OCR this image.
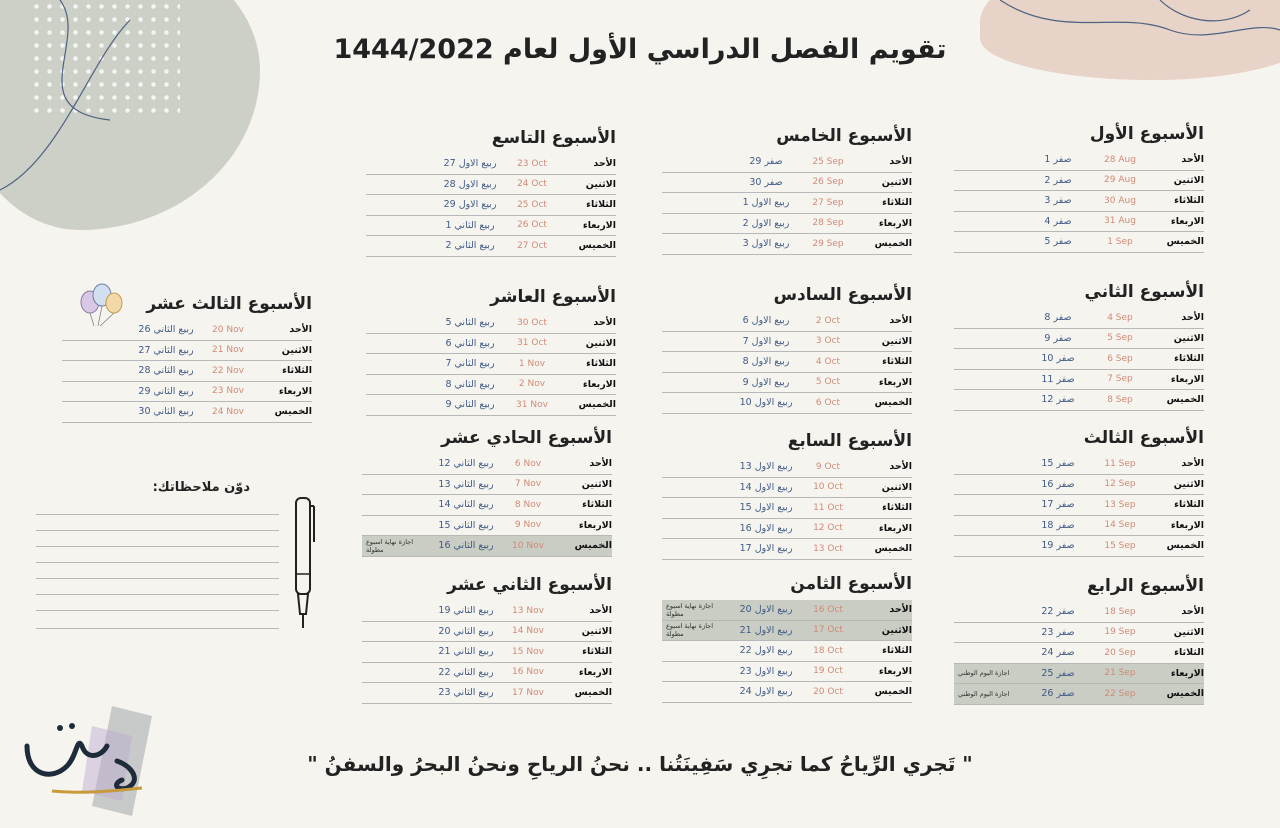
تقويم الفصل الدراسي الأول لعام 1444/2022
الأسبوع الأول
الأحد
28 Aug
صفر 1
الاثنين
29 Aug
صفر 2
الثلاثاء
30 Aug
صفر 3
الاربعاء
31 Aug
صفر 4
الخميس
1 Sep
صفر 5
الأسبوع الثاني
الأحد
4 Sep
صفر 8
الاثنين
5 Sep
صفر 9
الثلاثاء
6 Sep
صفر 10
الاربعاء
7 Sep
صفر 11
الخميس
8 Sep
صفر 12
الأسبوع الثالث
الأحد
11 Sep
صفر 15
الاثنين
12 Sep
صفر 16
الثلاثاء
13 Sep
صفر 17
الاربعاء
14 Sep
صفر 18
الخميس
15 Sep
صفر 19
الأسبوع الرابع
الأحد
18 Sep
صفر 22
الاثنين
19 Sep
صفر 23
الثلاثاء
20 Sep
صفر 24
الاربعاء
21 Sep
صفر 25
اجازة اليوم الوطني
الخميس
22 Sep
صفر 26
اجازة اليوم الوطني
الأسبوع الخامس
الأحد
25 Sep
صفر 29
الاثنين
26 Sep
صفر 30
الثلاثاء
27 Sep
ربيع الاول 1
الاربعاء
28 Sep
ربيع الاول 2
الخميس
29 Sep
ربيع الاول 3
الأسبوع السادس
الأحد
2 Oct
ربيع الاول 6
الاثنين
3 Oct
ربيع الاول 7
الثلاثاء
4 Oct
ربيع الاول 8
الاربعاء
5 Oct
ربيع الاول 9
الخميس
6 Oct
ربيع الاول 10
الأسبوع السابع
الأحد
9 Oct
ربيع الاول 13
الاثنين
10 Oct
ربيع الاول 14
الثلاثاء
11 Oct
ربيع الاول 15
الاربعاء
12 Oct
ربيع الاول 16
الخميس
13 Oct
ربيع الاول 17
الأسبوع الثامن
الأحد
16 Oct
ربيع الاول 20
اجازة نهاية اسبوع مطولة
الاثنين
17 Oct
ربيع الاول 21
اجازة نهاية اسبوع مطولة
الثلاثاء
18 Oct
ربيع الاول 22
الاربعاء
19 Oct
ربيع الاول 23
الخميس
20 Oct
ربيع الاول 24
الأسبوع التاسع
الأحد
23 Oct
ربيع الاول 27
الاثنين
24 Oct
ربيع الاول 28
الثلاثاء
25 Oct
ربيع الاول 29
الاربعاء
26 Oct
ربيع الثاني 1
الخميس
27 Oct
ربيع الثاني 2
الأسبوع العاشر
الأحد
30 Oct
ربيع الثاني 5
الاثنين
31 Oct
ربيع الثاني 6
الثلاثاء
1 Nov
ربيع الثاني 7
الاربعاء
2 Nov
ربيع الثاني 8
الخميس
31 Nov
ربيع الثاني 9
الأسبوع الحادي عشر
الأحد
6 Nov
ربيع الثاني 12
الاثنين
7 Nov
ربيع الثاني 13
الثلاثاء
8 Nov
ربيع الثاني 14
الاربعاء
9 Nov
ربيع الثاني 15
الخميس
10 Nov
ربيع الثاني 16
اجازة نهاية اسبوع مطولة
الأسبوع الثاني عشر
الأحد
13 Nov
ربيع الثاني 19
الاثنين
14 Nov
ربيع الثاني 20
الثلاثاء
15 Nov
ربيع الثاني 21
الاربعاء
16 Nov
ربيع الثاني 22
الخميس
17 Nov
ربيع الثاني 23
الأسبوع الثالث عشر
الأحد
20 Nov
ربيع الثاني 26
الاثنين
21 Nov
ربيع الثاني 27
الثلاثاء
22 Nov
ربيع الثاني 28
الاربعاء
23 Nov
ربيع الثاني 29
الخميس
24 Nov
ربيع الثاني 30
دوّن ملاحظاتك:
" تَجري الرِّياحُ كما تجرِي سَفِينَتُنا .. نحنُ الرياحِ ونحنُ البحرُ والسفنُ "
